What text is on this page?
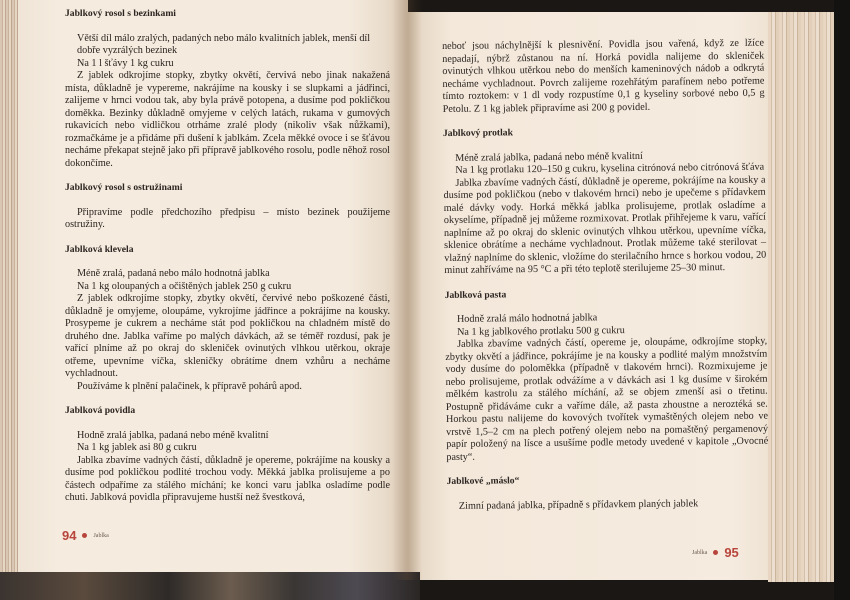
Jablkový rosol s bezinkami

Větší díl málo zralých, padaných nebo málo kvalitních jablek, menší díl dobře vyzrálých bezinek

Na 1 l šťávy 1 kg cukru

Z jablek odkrojíme stopky, zbytky okvětí, červivá nebo jinak nakažená místa, důkladně je vypereme, nakrájíme na kousky i se slupkami a jádřinci, zalijeme v hrnci vodou tak, aby byla právě potopena, a dusíme pod pokličkou doměkka. Bezinky důkladně omyjeme v celých latách, rukama v gumových rukavicích nebo vidličkou otrháme zralé plody (nikoliv však nůžkami), rozmačkáme je a přidáme při dušení k jablkám. Zcela měkké ovoce i se šťávou necháme překapat stejně jako při přípravě jablkového rosolu, podle něhož rosol dokončíme.

Jablkový rosol s ostružinami

Připravíme podle předchozího předpisu – místo bezinek použijeme ostružiny.

Jablková klevela

Méně zralá, padaná nebo málo hodnotná jablka

Na 1 kg oloupaných a očištěných jablek 250 g cukru

Z jablek odkrojíme stopky, zbytky okvětí, červivé nebo poškozené části, důkladně je omyjeme, oloupáme, vykrojíme jádřince a pokrájíme na kousky. Prosypeme je cukrem a necháme stát pod pokličkou na chladném místě do druhého dne. Jablka vaříme po malých dávkách, až se téměř rozdusí, pak je vařící plníme až po okraj do skleniček ovinutých vlhkou utěrkou, okraje otřeme, upevníme víčka, skleničky obrátíme dnem vzhůru a necháme vychladnout.

Používáme k plnění palačinek, k přípravě pohárů apod.

Jablková povidla

Hodně zralá jablka, padaná nebo méně kvalitní

Na 1 kg jablek asi 80 g cukru

Jablka zbavíme vadných částí, důkladně je opereme, pokrájíme na kousky a dusíme pod pokličkou podlité trochou vody. Měkká jablka prolisujeme a po částech odpaříme za stálého míchání; ke konci varu jablka osladíme podle chuti. Jablková povidla připravujeme hustší než švestková,

94	Jablka

neboť jsou náchylnější k plesnivění. Povidla jsou vařená, když ze lžíce nepadají, nýbrž zůstanou na ní. Horká povidla nalijeme do skleniček ovinutých vlhkou utěrkou nebo do menších kameninových nádob a odkrytá necháme vychladnout. Povrch zalijeme rozehřátým parafínem nebo potřeme tímto roztokem: v 1 dl vody rozpustíme 0,1 g kyseliny sorbové nebo 0,5 g Petolu. Z 1 kg jablek připravíme asi 200 g povidel.

Jablkový protlak

Méně zralá jablka, padaná nebo méně kvalitní

Na 1 kg protlaku 120–150 g cukru, kyselina citrónová nebo citrónová šťáva

Jablka zbavíme vadných částí, důkladně je opereme, pokrájíme na kousky a dusíme pod pokličkou (nebo v tlakovém hrnci) nebo je upečeme s přídavkem malé dávky vody. Horká měkká jablka prolisujeme, protlak osladíme a okyselíme, případně jej můžeme rozmixovat. Protlak přihřejeme k varu, vařící naplníme až po okraj do sklenic ovinutých vlhkou utěrkou, upevníme víčka, sklenice obrátíme a necháme vychladnout. Protlak můžeme také sterilovat – vlažný naplníme do sklenic, vložíme do sterilačního hrnce s horkou vodou, 20 minut zahříváme na 95 °C a při této teplotě sterilujeme 25–30 minut.

Jablková pasta

Hodně zralá málo hodnotná jablka

Na 1 kg jablkového protlaku 500 g cukru

Jablka zbavíme vadných částí, opereme je, oloupáme, odkrojíme stopky, zbytky okvětí a jádřince, pokrájíme je na kousky a podlité malým množstvím vody dusíme do poloměkka (případně v tlakovém hrnci). Rozmixujeme je nebo prolisujeme, protlak odvážíme a v dávkách asi 1 kg dusíme v širokém mělkém kastrolu za stálého míchání, až se objem zmenší asi o třetinu. Postupně přidáváme cukr a vaříme dále, až pasta zhoustne a neroztéká se. Horkou pastu nalijeme do kovových tvořítek vymaštěných olejem nebo ve vrstvě 1,5–2 cm na plech potřený olejem nebo na pomaštěný pergamenový papír položený na lísce a usušíme podle metody uvedené v kapitole „Ovocné pasty“.

Jablkové „máslo“

Zimní padaná jablka, případně s přídavkem planých jablek

Jablka 95
